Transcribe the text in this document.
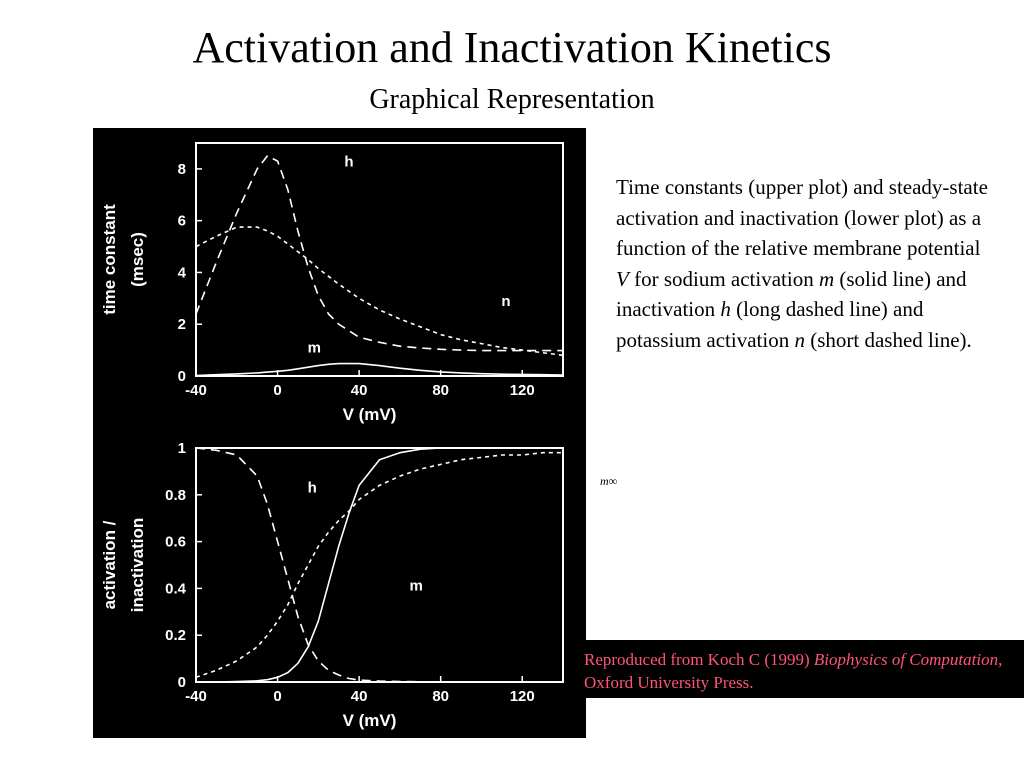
Activation and Inactivation Kinetics
Graphical Representation
-40	0	40	80	120
0
2
4
6
8
V (mV)
time constant (msec)
h
n
m
-40	0	40	80	120
0
0.2
0.4
0.6
0.8
1
V (mV)
activation / inactivation
h	n
m
Time constants (upper plot) and steady-state activation and inactivation (lower plot) as a function of the relative membrane potential V for sodium activation m (solid line) and inactivation h (long dashed line) and potassium activation n (short dashed line).
m∞
Reproduced from Koch C (1999) Biophysics of Computation, Oxford University Press.
